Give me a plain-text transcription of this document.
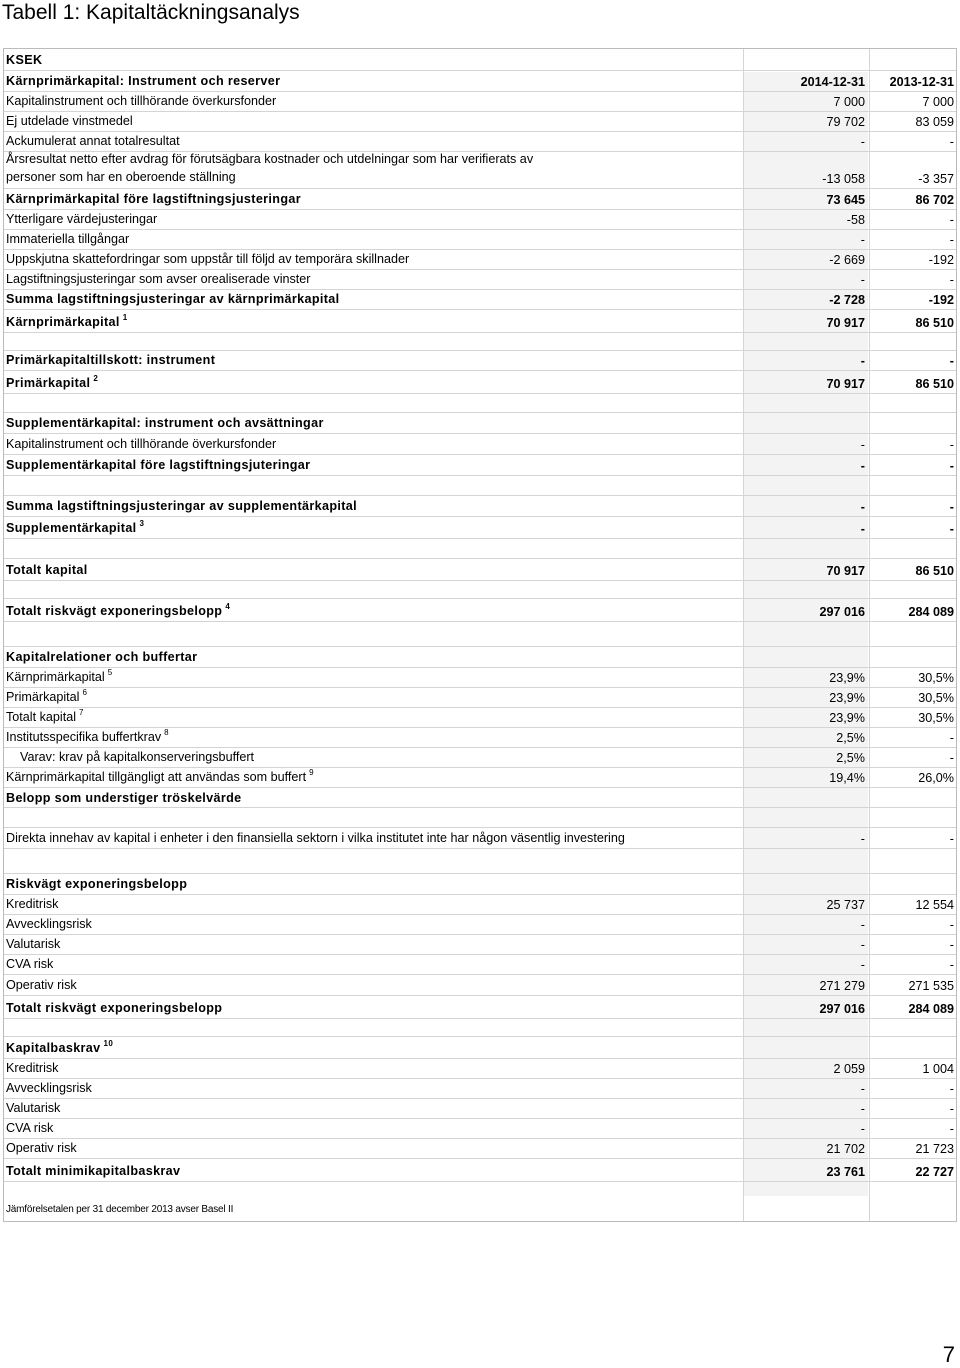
Tabell 1: Kapitaltäckningsanalys
KSEK
Kärnprimärkapital: Instrument och reserver	2014-12-31 2013-12-31
Kapitalinstrument och tillhörande överkursfonder	7 000	7 000
Ej utdelade vinstmedel	79 702	83 059
Ackumulerat annat totalresultat	-	-
Årsresultat netto efter avdrag för förutsägbara kostnader och utdelningar som har verifierats av personer som har en oberoende ställning	-13 058	-3 357
Kärnprimärkapital före lagstiftningsjusteringar	73 645	86 702
Ytterligare värdejusteringar	-58	-
Immateriella tillgångar	-	-
Uppskjutna skattefordringar som uppstår till följd av temporära skillnader	-2 669	-192
Lagstiftningsjusteringar som avser orealiserade vinster	-	-
Summa lagstiftningsjusteringar av kärnprimärkapital	-2 728	-192
Kärnprimärkapital $^1$	70 917	86 510
Primärkapitaltillskott: instrument	-	-
Primärkapital $^2$	70 917	86 510
Supplementärkapital: instrument och avsättningar
Kapitalinstrument och tillhörande överkursfonder	-	-
Supplementärkapital före lagstiftningsjuteringar	-	-
Summa lagstiftningsjusteringar av supplementärkapital	-	-
Supplementärkapital $^3$	-	-
Totalt kapital	70 917	86 510
Totalt riskvägt exponeringsbelopp $^4$	297 016	284 089
Kapitalrelationer och buffertar
Kärnprimärkapital $^5$	23,9%	30,5%
Primärkapital $^6$	23,9%	30,5%
Totalt kapital $^7$	23,9%	30,5%
Institutsspecifika buffertkrav $^8$	2,5%	-
Varav: krav på kapitalkonserveringsbuffert	2,5%	-
Kärnprimärkapital tillgängligt att användas som buffert $^9$	19,4%	26,0%
Belopp som understiger tröskelvärde
Direkta innehav av kapital i enheter i den finansiella sektorn i vilka institutet inte har någon väsentlig investering	-	-
Riskvägt exponeringsbelopp
Kreditrisk	25 737	12 554
Avvecklingsrisk	-	-
Valutarisk	-	-
CVA risk	-	-
Operativ risk	271 279	271 535
Totalt riskvägt exponeringsbelopp	297 016	284 089
Kapitalbaskrav $^{10}$
Kreditrisk	2 059	1 004
Avvecklingsrisk	-	-
Valutarisk	-	-
CVA risk	-	-
Operativ risk	21 702	21 723
Totalt minimikapitalbaskrav	23 761	22 727
Jämförelsetalen per 31 december 2013 avser Basel II
7
